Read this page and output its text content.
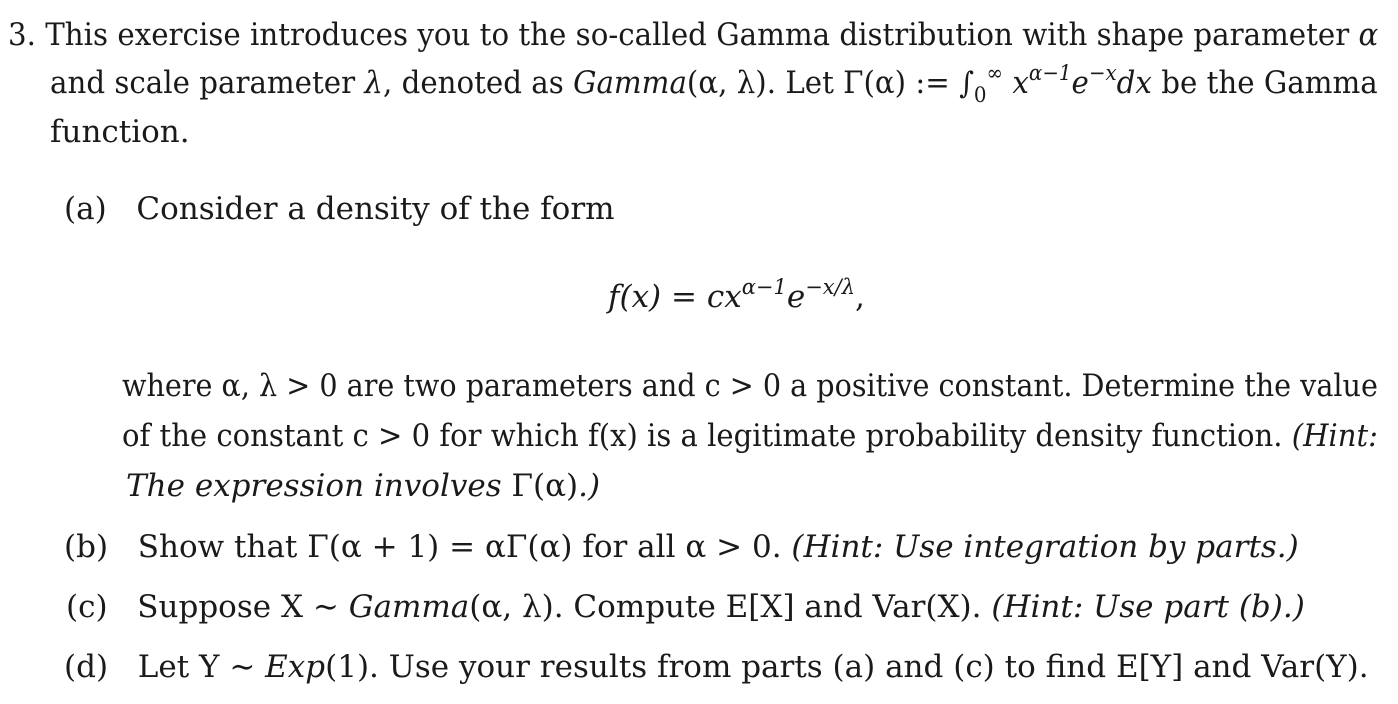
3. This exercise introduces you to the so-called Gamma distribution with shape parameter α
and scale parameter λ, denoted as Gamma(α, λ). Let Γ(α) := $\int_0^\infty$ $x^{\alpha-1}e^{-x}dx$ be the Gamma
function.
(a) Consider a density of the form
$f(x) = cx^{\alpha-1}e^{-x/\lambda}$,
where α, λ > 0 are two parameters and c > 0 a positive constant. Determine the value
of the constant c > 0 for which f(x) is a legitimate probability density function. (Hint:
The expression involves Γ(α).)
(b) Show that Γ(α + 1) = αΓ(α) for all α > 0. (Hint: Use integration by parts.)
(c) Suppose X ∼ Gamma(α, λ). Compute E[X] and Var(X). (Hint: Use part (b).)
(d) Let Y ∼ Exp(1). Use your results from parts (a) and (c) to find E[Y] and Var(Y).
